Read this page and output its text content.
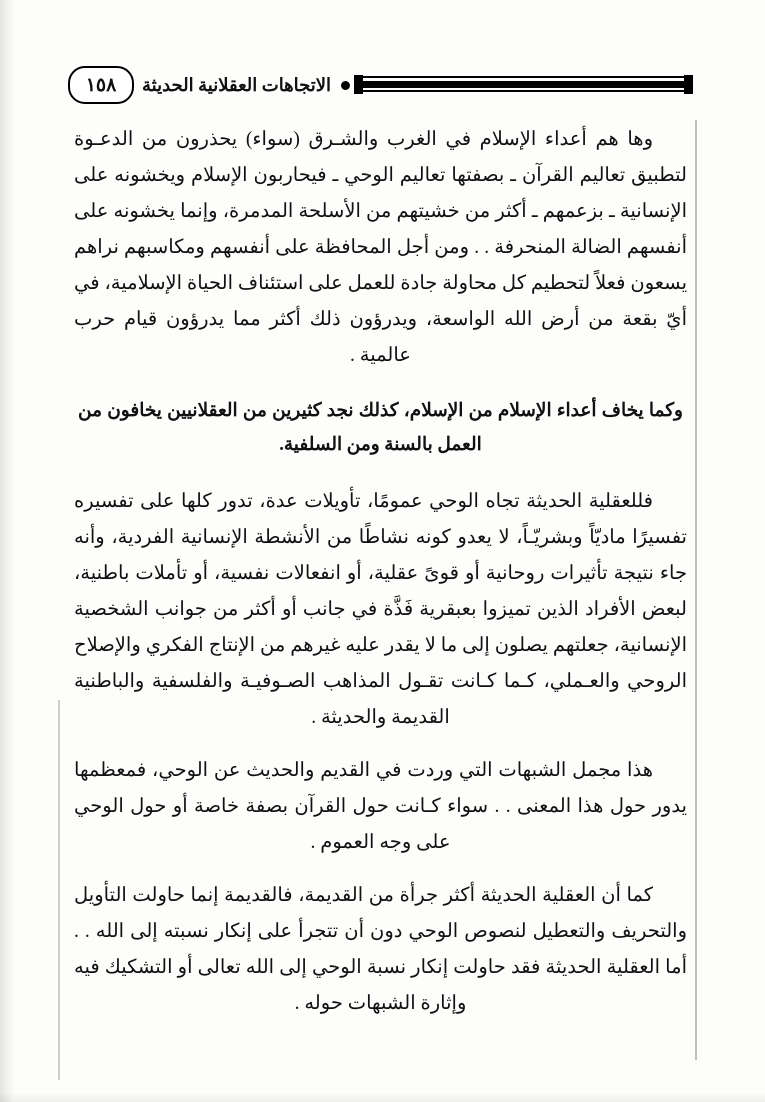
١٥٨	الاتجاهات العقلانية الحديثة

وها هم أعداء الإسلام في الغرب والشـرق (سواء) يحذرون من الدعـوة لتطبيق تعاليم القرآن ـ بصفتها تعاليم الوحي ـ فيحاربون الإسلام ويخشونه على الإنسانية ـ بزعمهم ـ أكثر من خشيتهم من الأسلحة المدمرة، وإنما يخشونه على أنفسهم الضالة المنحرفة . . ومن أجل المحافظة على أنفسهم ومكاسبهم نراهم يسعون فعلاً لتحطيم كل محاولة جادة للعمل على استئناف الحياة الإسلامية، في أيّ بقعة من أرض الله الواسعة، ويدرؤون ذلك أكثر مما يدرؤون قيام حرب عالمية .

وكما يخاف أعداء الإسلام من الإسلام، كذلك نجد كثيرين من العقلانيين يخافون من العمل بالسنة ومن السلفية.

فللعقلية الحديثة تجاه الوحي عمومًا، تأويلات عدة، تدور كلها على تفسيره تفسيرًا ماديّاً وبشريّـاً، لا يعدو كونه نشاطًا من الأنشطة الإنسانية الفردية، وأنه جاء نتيجة تأثيرات روحانية أو قوىً عقلية، أو انفعالات نفسية، أو تأملات باطنية، لبعض الأفراد الذين تميزوا بعبقرية فَذَّة في جانب أو أكثر من جوانب الشخصية الإنسانية، جعلتهم يصلون إلى ما لا يقدر عليه غيرهم من الإنتاج الفكري والإصلاح الروحي والعـملي، كـما كـانت تقـول المذاهب الصـوفيـة والفلسفية والباطنية القديمة والحديثة .

هذا مجمل الشبهات التي وردت في القديم والحديث عن الوحي، فمعظمها يدور حول هذا المعنى . . سواء كـانت حول القرآن بصفة خاصة أو حول الوحي على وجه العموم .

كما أن العقلية الحديثة أكثر جرأة من القديمة، فالقديمة إنما حاولت التأويل والتحريف والتعطيل لنصوص الوحي دون أن تتجرأ على إنكار نسبته إلى الله . . أما العقلية الحديثة فقد حاولت إنكار نسبة الوحي إلى الله تعالى أو التشكيك فيه وإثارة الشبهات حوله .
